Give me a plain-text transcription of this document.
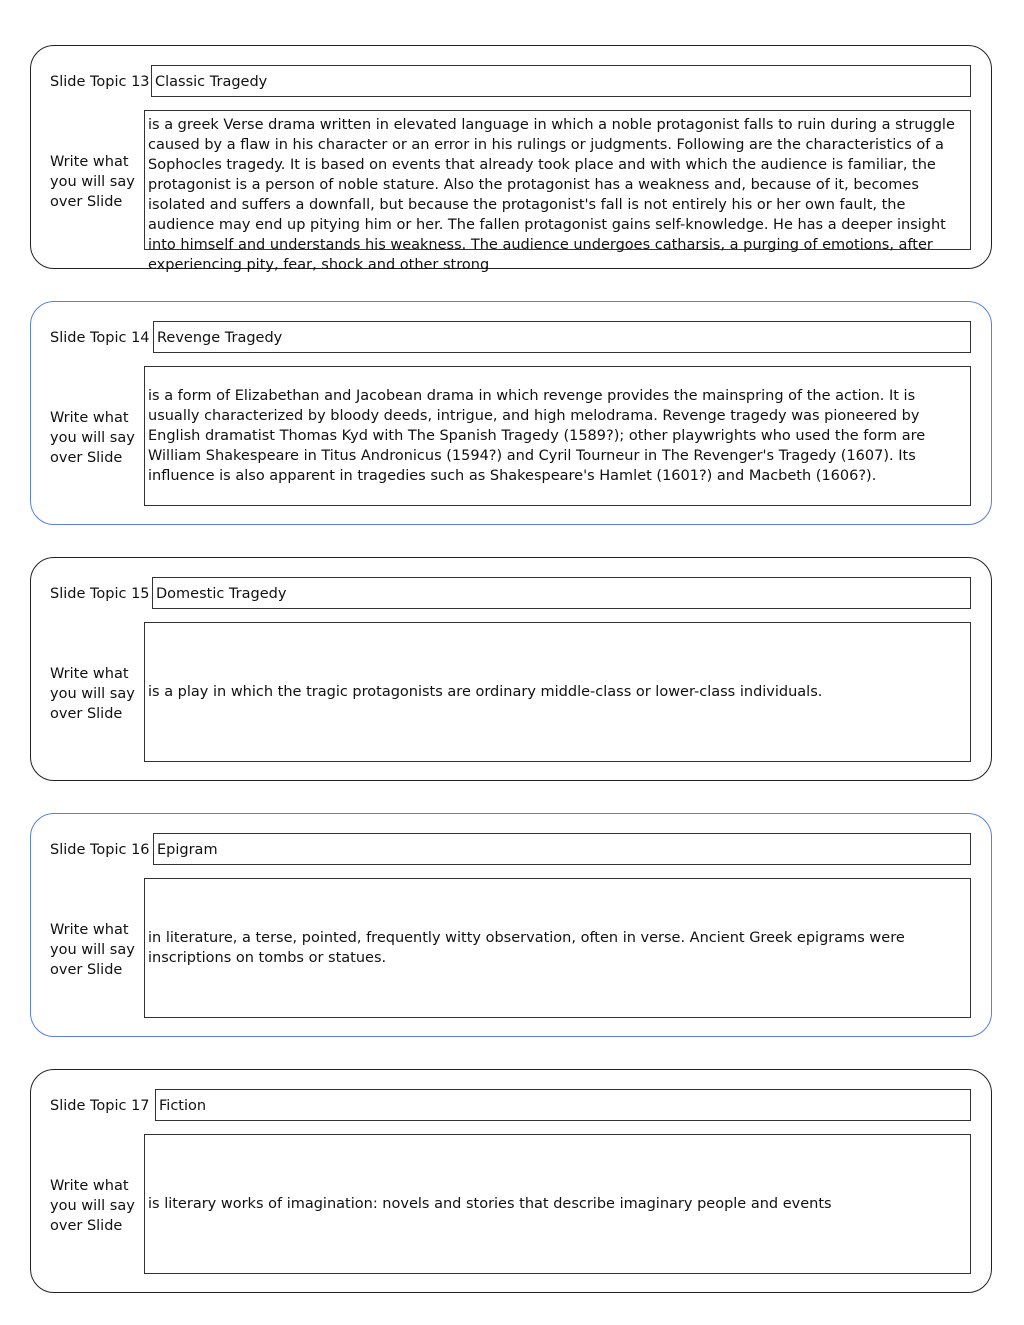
Slide Topic 13 Classic Tragedy
Write what you will say over Slide
is a greek Verse drama written in elevated language in which a noble protagonist falls to ruin during a struggle caused by a flaw in his character or an error in his rulings or judgments. Following are the characteristics of a Sophocles tragedy. It is based on events that already took place and with which the audience is familiar, the protagonist is a person of noble stature. Also the protagonist has a weakness and, because of it, becomes isolated and suffers a downfall, but because the protagonist's fall is not entirely his or her own fault, the audience may end up pitying him or her. The fallen protagonist gains self-knowledge. He has a deeper insight into himself and understands his weakness. The audience undergoes catharsis, a purging of emotions, after experiencing pity, fear, shock and other strong
Slide Topic 14 Revenge Tragedy
Write what you will say over Slide
is a form of Elizabethan and Jacobean drama in which revenge provides the mainspring of the action. It is usually characterized by bloody deeds, intrigue, and high melodrama. Revenge tragedy was pioneered by English dramatist Thomas Kyd with The Spanish Tragedy (1589?); other playwrights who used the form are William Shakespeare in Titus Andronicus (1594?) and Cyril Tourneur in The Revenger's Tragedy (1607). Its influence is also apparent in tragedies such as Shakespeare's Hamlet (1601?) and Macbeth (1606?).
Slide Topic 15 Domestic Tragedy
Write what you will say over Slide
is a play in which the tragic protagonists are ordinary middle-class or lower-class individuals.
Slide Topic 16 Epigram
Write what you will say over Slide
in literature, a terse, pointed, frequently witty observation, often in verse. Ancient Greek epigrams were inscriptions on tombs or statues.
Slide Topic 17 Fiction
Write what you will say over Slide
is literary works of imagination: novels and stories that describe imaginary people and events
